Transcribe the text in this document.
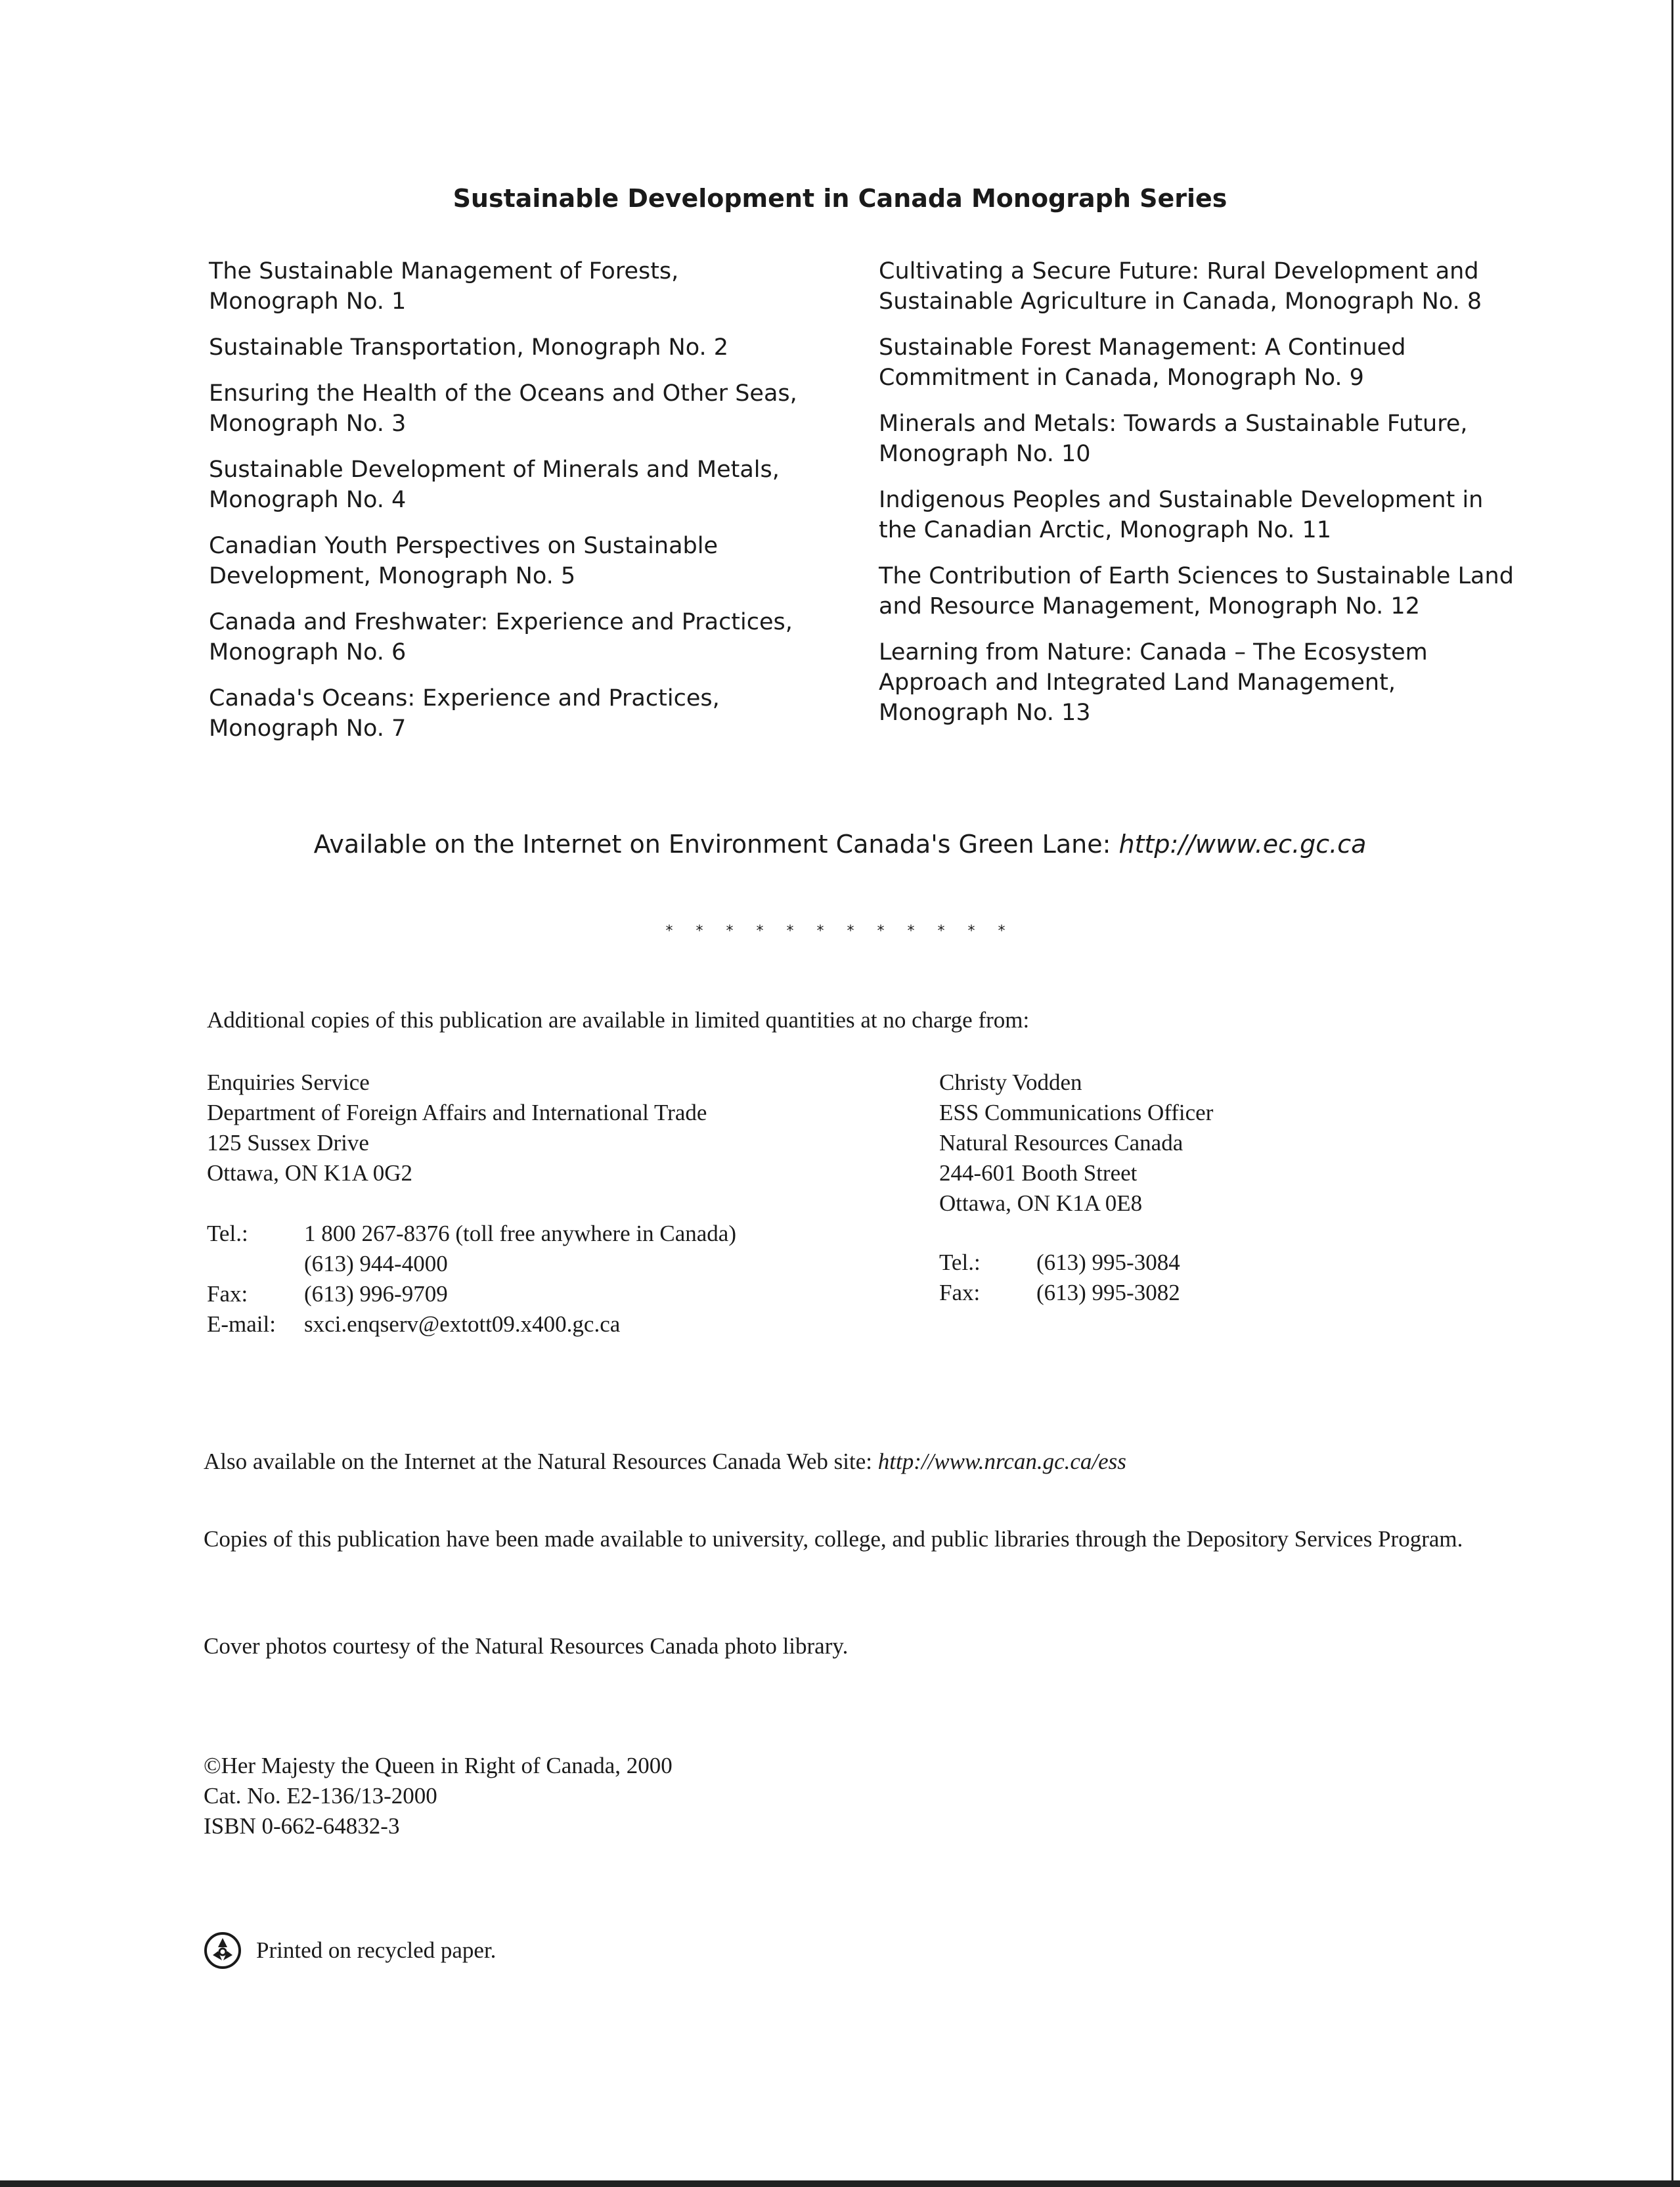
Sustainable Development in Canada Monograph Series
The Sustainable Management of Forests,
Monograph No. 1
Sustainable Transportation, Monograph No. 2
Ensuring the Health of the Oceans and Other Seas,
Monograph No. 3
Sustainable Development of Minerals and Metals,
Monograph No. 4
Canadian Youth Perspectives on Sustainable
Development, Monograph No. 5
Canada and Freshwater: Experience and Practices,
Monograph No. 6
Canada's Oceans: Experience and Practices,
Monograph No. 7
Cultivating a Secure Future: Rural Development and
Sustainable Agriculture in Canada, Monograph No. 8
Sustainable Forest Management: A Continued
Commitment in Canada, Monograph No. 9
Minerals and Metals: Towards a Sustainable Future,
Monograph No. 10
Indigenous Peoples and Sustainable Development in
the Canadian Arctic, Monograph No. 11
The Contribution of Earth Sciences to Sustainable Land
and Resource Management, Monograph No. 12
Learning from Nature: Canada – The Ecosystem
Approach and Integrated Land Management,
Monograph No. 13
Available on the Internet on Environment Canada's Green Lane: http://www.ec.gc.ca
* * * * * * * * * * * *
Additional copies of this publication are available in limited quantities at no charge from:
Enquiries Service
Department of Foreign Affairs and International Trade
125 Sussex Drive
Ottawa, ON K1A 0G2
Christy Vodden
ESS Communications Officer
Natural Resources Canada
244-601 Booth Street
Ottawa, ON K1A 0E8
Tel.:	1 800 267-8376 (toll free anywhere in Canada)
	(613) 944-4000
Fax:	(613) 996-9709
E-mail:	sxci.enqserv@extott09.x400.gc.ca
Tel.:	(613) 995-3084
Fax:	(613) 995-3082
Also available on the Internet at the Natural Resources Canada Web site: http://www.nrcan.gc.ca/ess
Copies of this publication have been made available to university, college, and public libraries through the Depository Services Program.
Cover photos courtesy of the Natural Resources Canada photo library.
©Her Majesty the Queen in Right of Canada, 2000
Cat. No. E2-136/13-2000
ISBN 0-662-64832-3
Printed on recycled paper.
